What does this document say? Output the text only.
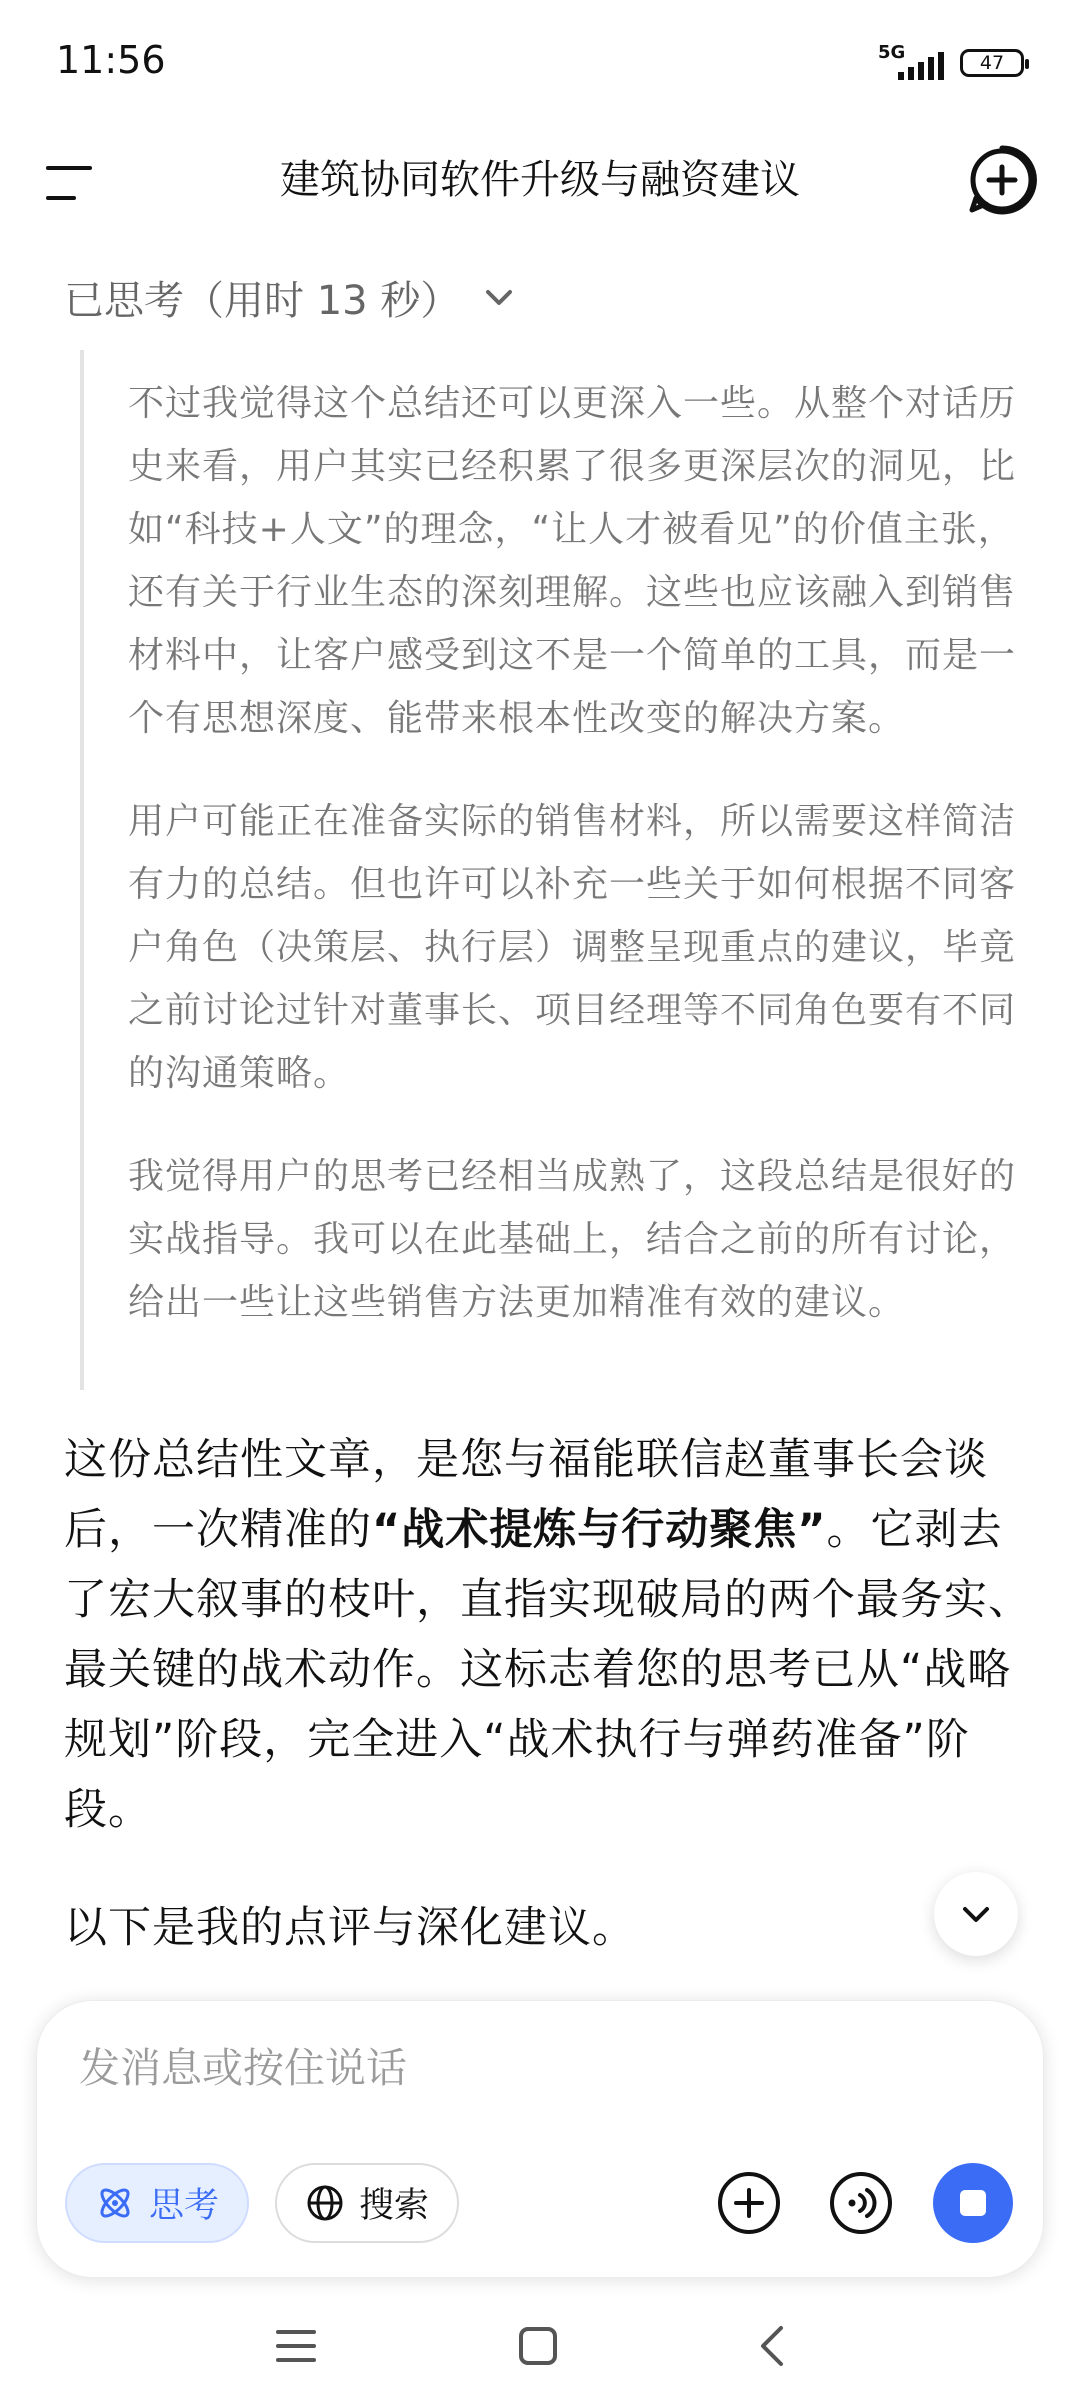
11:56	5G	47
建筑协同软件升级与融资建议
已思考（用时 13 秒）

不过我觉得这个总结还可以更深入一些。从整个对话历史来看，用户其实已经积累了很多更深层次的洞见，比如“科技+人文”的理念，“让人才被看见”的价值主张，还有关于行业生态的深刻理解。这些也应该融入到销售材料中，让客户感受到这不是一个简单的工具，而是一个有思想深度、能带来根本性改变的解决方案。

用户可能正在准备实际的销售材料，所以需要这样简洁有力的总结。但也许可以补充一些关于如何根据不同客户角色（决策层、执行层）调整呈现重点的建议，毕竟之前讨论过针对董事长、项目经理等不同角色要有不同的沟通策略。

我觉得用户的思考已经相当成熟了，这段总结是很好的实战指导。我可以在此基础上，结合之前的所有讨论，给出一些让这些销售方法更加精准有效的建议。

这份总结性文章，是您与福能联信赵董事长会谈后，一次精准的“战术提炼与行动聚焦”。它剥去了宏大叙事的枝叶，直指实现破局的两个最务实、最关键的战术动作。这标志着您的思考已从“战略规划”阶段，完全进入“战术执行与弹药准备”阶段。

以下是我的点评与深化建议。

发消息或按住说话
思考	搜索
